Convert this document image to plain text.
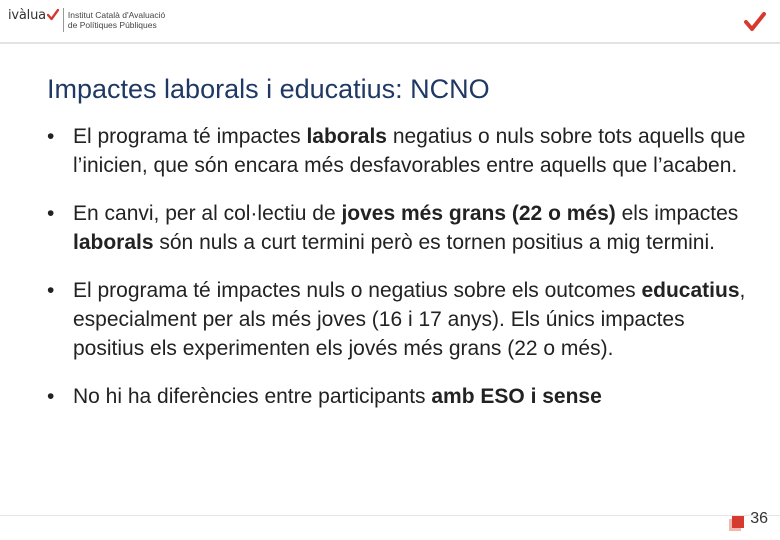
ivàlua	Institut Català d'Avaluació
de Polítiques Públiques
Impactes laborals i educatius: NCNO
• El programa té impactes laborals negatius o nuls sobre tots aquells que l’inicien, que són encara més desfavorables entre aquells que l’acaben.
• En canvi, per al col·lectiu de joves més grans (22 o més) els impactes laborals són nuls a curt termini però es tornen positius a mig termini.
• El programa té impactes nuls o negatius sobre els outcomes educatius, especialment per als més joves (16 i 17 anys). Els únics impactes positius els experimenten els jovés més grans (22 o més).
• No hi ha diferències entre participants amb ESO i sense
36
